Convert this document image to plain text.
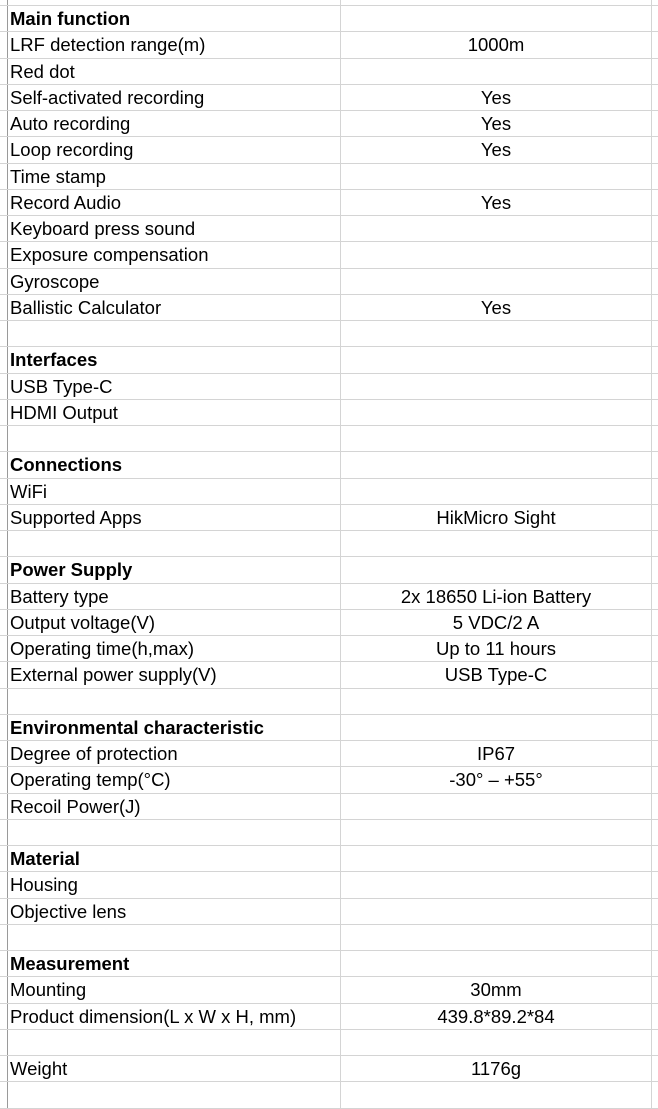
Main function
LRF detection range(m)	1000m
Red dot
Self-activated recording	Yes
Auto recording	Yes
Loop recording	Yes
Time stamp
Record Audio	Yes
Keyboard press sound
Exposure compensation
Gyroscope
Ballistic Calculator	Yes
Interfaces
USB Type-C
HDMI Output
Connections
WiFi
Supported Apps	HikMicro Sight
Power Supply
Battery type	2x 18650 Li-ion Battery
Output voltage(V)	5 VDC/2 A
Operating time(h,max)	Up to 11 hours
External power supply(V)	USB Type-C
Environmental characteristic
Degree of protection	IP67
Operating temp(°C)	-30° – +55°
Recoil Power(J)
Material
Housing
Objective lens
Measurement
Mounting	30mm
Product dimension(L x W x H, mm)	439.8*89.2*84
Weight	1176g
